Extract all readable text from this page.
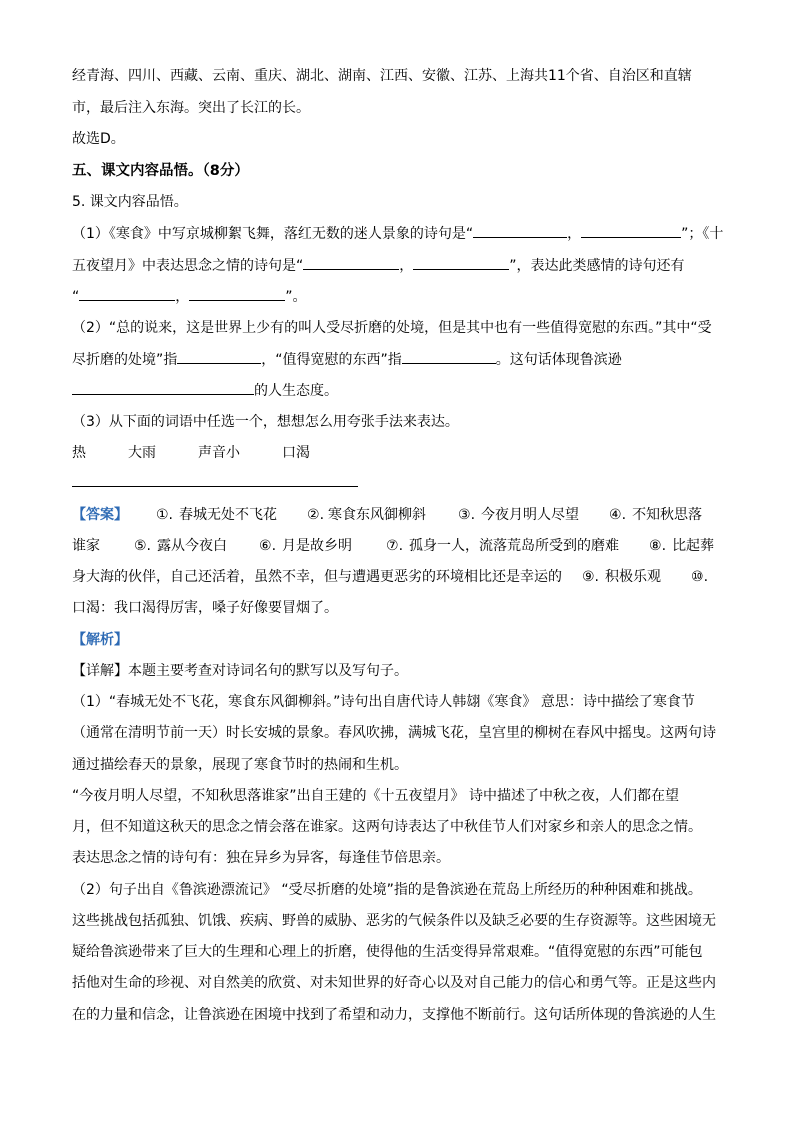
经青海、四川、西藏、云南、重庆、湖北、湖南、江西、安徽、江苏、上海共11个省、自治区和直辖
市，最后注入东海。突出了长江的长。
故选D。
五、课文内容品悟。（8分）
5. 课文内容品悟。
（1）《寒食》中写京城柳絮飞舞，落红无数的迷人景象的诗句是“	，	”；《十
五夜望月》中表达思念之情的诗句是“	，	”，表达此类感情的诗句还有
“	，	”。
（2）“总的说来，这是世界上少有的叫人受尽折磨的处境，但是其中也有一些值得宽慰的东西。”其中“受
尽折磨的处境”指	，“值得宽慰的东西”指	。这句话体现鲁滨逊
的人生态度。
（3）从下面的词语中任选一个，想想怎么用夸张手法来表达。
热	大雨	声音小	口渴
【答案】 ①. 春城无处不飞花 ②. 寒食东风御柳斜 ③. 今夜月明人尽望 ④. 不知秋思落
谁家 ⑤. 露从今夜白 ⑥. 月是故乡明 ⑦. 孤身一人，流落荒岛所受到的磨难 ⑧. 比起葬
身大海的伙伴，自己还活着，虽然不幸，但与遭遇更恶劣的环境相比还是幸运的 ⑨. 积极乐观 ⑩.
口渴：我口渴得厉害，嗓子好像要冒烟了。
【解析】
【详解】本题主要考查对诗词名句的默写以及写句子。
（1）“春城无处不飞花，寒食东风御柳斜。”诗句出自唐代诗人韩翃《寒食》 意思：诗中描绘了寒食节
（通常在清明节前一天）时长安城的景象。春风吹拂，满城飞花，皇宫里的柳树在春风中摇曳。这两句诗
通过描绘春天的景象，展现了寒食节时的热闹和生机。
“今夜月明人尽望，不知秋思落谁家”出自王建的《十五夜望月》 诗中描述了中秋之夜，人们都在望
月，但不知道这秋天的思念之情会落在谁家。这两句诗表达了中秋佳节人们对家乡和亲人的思念之情。
表达思念之情的诗句有：独在异乡为异客，每逢佳节倍思亲。
（2）句子出自《鲁滨逊漂流记》 “受尽折磨的处境”指的是鲁滨逊在荒岛上所经历的种种困难和挑战。
这些挑战包括孤独、饥饿、疾病、野兽的威胁、恶劣的气候条件以及缺乏必要的生存资源等。这些困境无
疑给鲁滨逊带来了巨大的生理和心理上的折磨，使得他的生活变得异常艰难。“值得宽慰的东西”可能包
括他对生命的珍视、对自然美的欣赏、对未知世界的好奇心以及对自己能力的信心和勇气等。正是这些内
在的力量和信念，让鲁滨逊在困境中找到了希望和动力，支撑他不断前行。这句话所体现的鲁滨逊的人生
